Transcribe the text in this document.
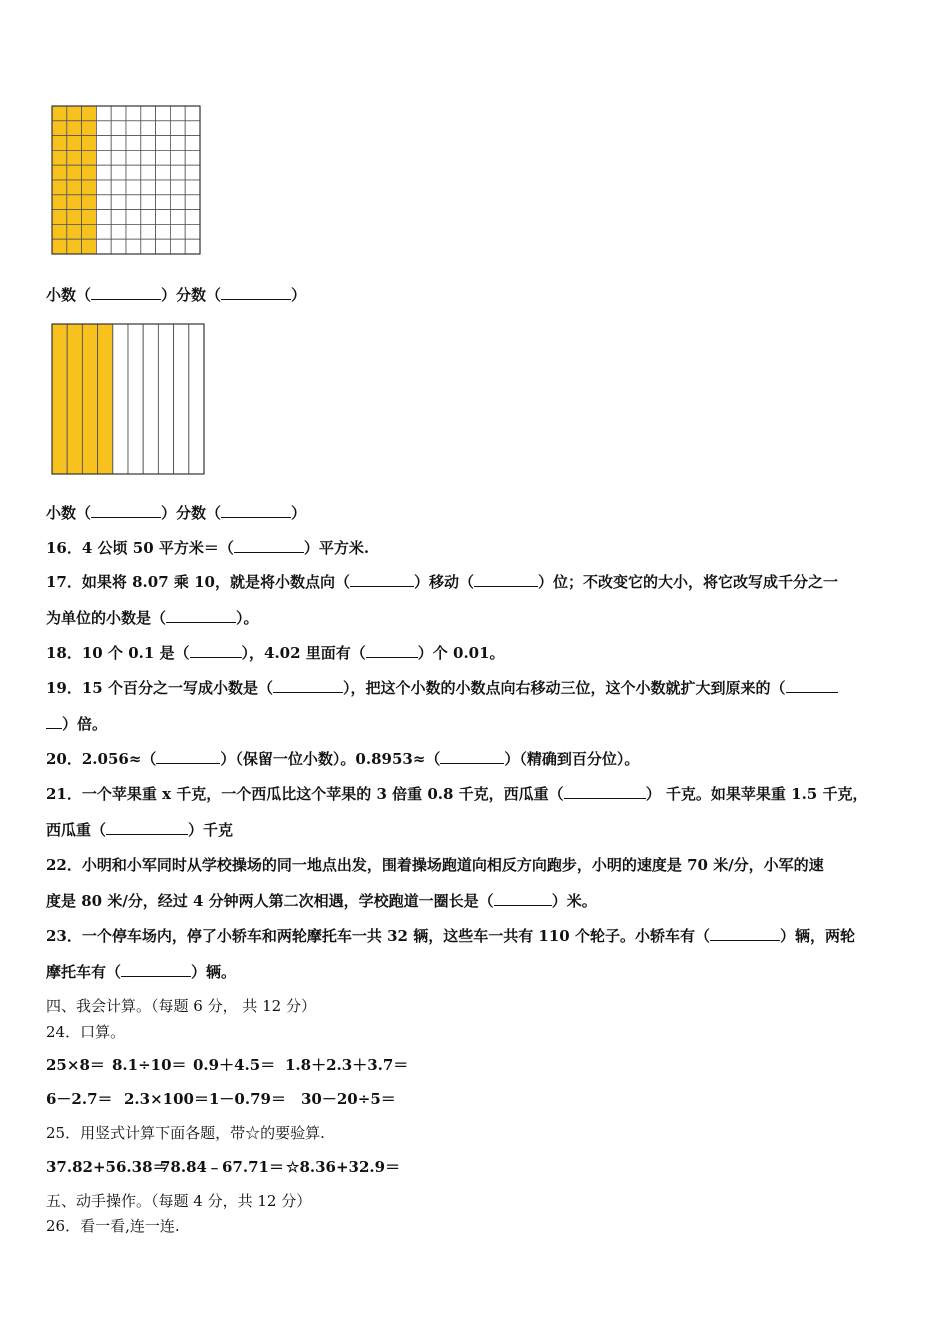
小数（	）分数（	）
小数（	）分数（	）
16．4 公顷 50 平方米＝（	）平方米.
17．如果将 8.07 乘 10，就是将小数点向（	）移动（	）位；不改变它的大小，将它改写成千分之一
为单位的小数是（	）。
18．10 个 0.1 是（	），4.02 里面有（	）个 0.01。
19．15 个百分之一写成小数是（	），把这个小数的小数点向右移动三位，这个小数就扩大到原来的（
）倍。
20．2.056≈（	）（保留一位小数）。0.8953≈（	）（精确到百分位）。
21．一个苹果重 x 千克，一个西瓜比这个苹果的 3 倍重 0.8 千克，西瓜重（	） 千克。如果苹果重 1.5 千克，
西瓜重（	）千克
22．小明和小军同时从学校操场的同一地点出发，围着操场跑道向相反方向跑步，小明的速度是 70 米/分，小军的速
度是 80 米/分，经过 4 分钟两人第二次相遇，学校跑道一圈长是（	）米。
23．一个停车场内，停了小轿车和两轮摩托车一共 32 辆，这些车一共有 110 个轮子。小轿车有（	）辆，两轮
摩托车有（	）辆。
四、我会计算。（每题 6 分， 共 12 分）
24．口算。
25×8＝ 8.1÷10＝ 0.9＋4.5＝ 1.8＋2.3＋3.7＝
6－2.7＝ 2.3×100＝ 1－0.79＝ 30－20÷5＝
25．用竖式计算下面各题，带☆的要验算.
37.82+56.38＝
78.84﹣67.71＝ ☆8.36+32.9＝
五、动手操作。（每题 4 分，共 12 分）
26．看一看,连一连.
